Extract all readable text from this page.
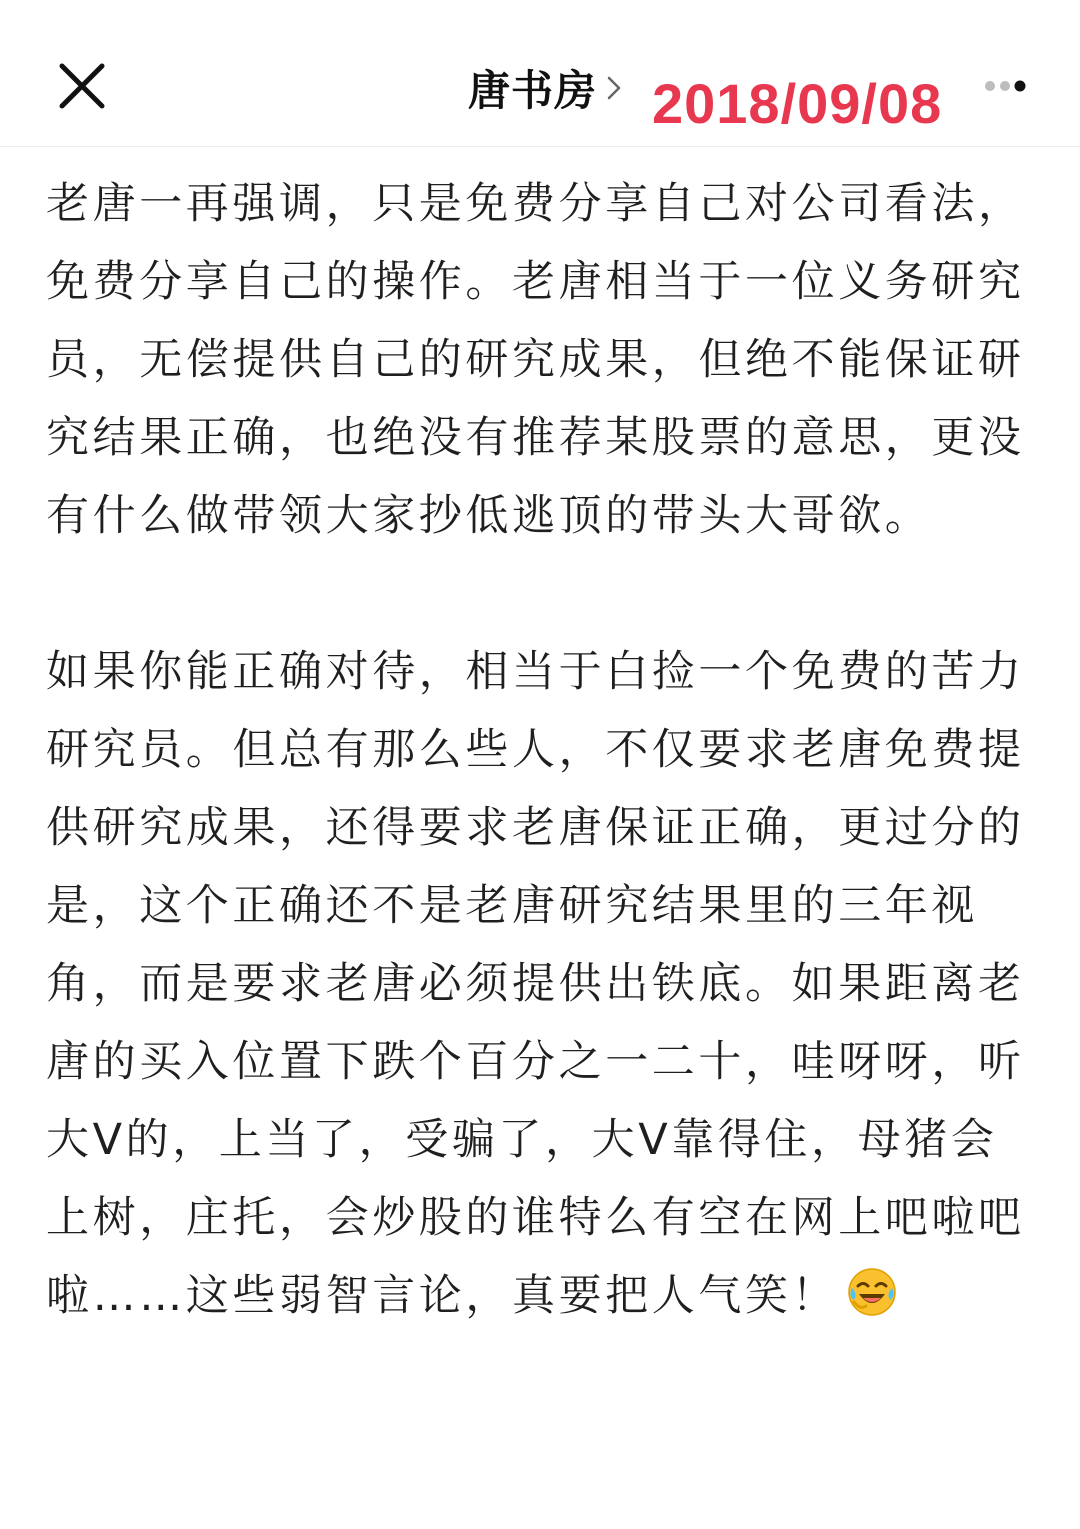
唐书房 2018/09/08

老唐一再强调，只是免费分享自己对公司看法，免费分享自己的操作。老唐相当于一位义务研究员，无偿提供自己的研究成果，但绝不能保证研究结果正确，也绝没有推荐某股票的意思，更没有什么做带领大家抄低逃顶的带头大哥欲。

如果你能正确对待，相当于白捡一个免费的苦力研究员。但总有那么些人，不仅要求老唐免费提供研究成果，还得要求老唐保证正确，更过分的是，这个正确还不是老唐研究结果里的三年视角，而是要求老唐必须提供出铁底。如果距离老唐的买入位置下跌个百分之一二十，哇呀呀，听大V的，上当了，受骗了，大V靠得住，母猪会上树，庄托，会炒股的谁特么有空在网上吧啦吧啦……这些弱智言论，真要把人气笑！
